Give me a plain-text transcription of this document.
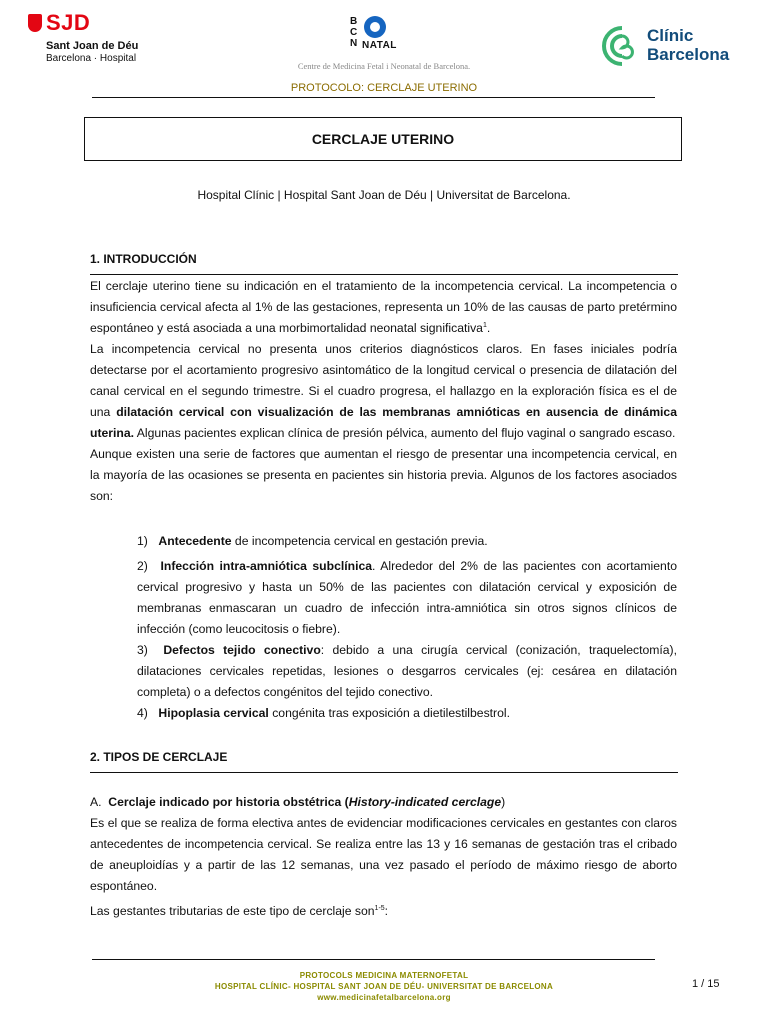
SJD
Sant Joan de Déu
Barcelona · Hospital
B
C
N NATAL
Clínic
Barcelona
Centre de Medicina Fetal i Neonatal de Barcelona.
PROTOCOLO: CERCLAJE UTERINO
CERCLAJE UTERINO
Hospital Clínic | Hospital Sant Joan de Déu | Universitat de Barcelona.
1. INTRODUCCIÓN

El cerclaje uterino tiene su indicación en el tratamiento de la incompetencia cervical. La incompetencia o insuficiencia cervical afecta al 1% de las gestaciones, representa un 10% de las causas de parto pretérmino espontáneo y está asociada a una morbimortalidad neonatal significativa$^1$.

La incompetencia cervical no presenta unos criterios diagnósticos claros. En fases iniciales podría detectarse por el acortamiento progresivo asintomático de la longitud cervical o presencia de dilatación del canal cervical en el segundo trimestre. Si el cuadro progresa, el hallazgo en la exploración física es el de una dilatación cervical con visualización de las membranas amnióticas en ausencia de dinámica uterina. Algunas pacientes explican clínica de presión pélvica, aumento del flujo vaginal o sangrado escaso.

Aunque existen una serie de factores que aumentan el riesgo de presentar una incompetencia cervical, en la mayoría de las ocasiones se presenta en pacientes sin historia previa. Algunos de los factores asociados son:

1) Antecedente de incompetencia cervical en gestación previa.

2) Infección intra-amniótica subclínica. Alrededor del 2% de las pacientes con acortamiento cervical progresivo y hasta un 50% de las pacientes con dilatación cervical y exposición de membranas enmascaran un cuadro de infección intra-amniótica sin otros signos clínicos de infección (como leucocitosis o fiebre).

3) Defectos tejido conectivo: debido a una cirugía cervical (conización, traquelectomía), dilataciones cervicales repetidas, lesiones o desgarros cervicales (ej: cesárea en dilatación completa) o a defectos congénitos del tejido conectivo.

4) Hipoplasia cervical congénita tras exposición a dietilestilbestrol.

2. TIPOS DE CERCLAJE

A. Cerclaje indicado por historia obstétrica (History-indicated cerclage)

Es el que se realiza de forma electiva antes de evidenciar modificaciones cervicales en gestantes con claros antecedentes de incompetencia cervical. Se realiza entre las 13 y 16 semanas de gestación tras el cribado de aneuploidías y a partir de las 12 semanas, una vez pasado el período de máximo riesgo de aborto espontáneo.

Las gestantes tributarias de este tipo de cerclaje son$^{1-5}$:

PROTOCOLS MEDICINA MATERNOFETAL
HOSPITAL CLÍNIC- HOSPITAL SANT JOAN DE DÉU- UNIVERSITAT DE BARCELONA
www.medicinafetalbarcelona.org
1 / 15
